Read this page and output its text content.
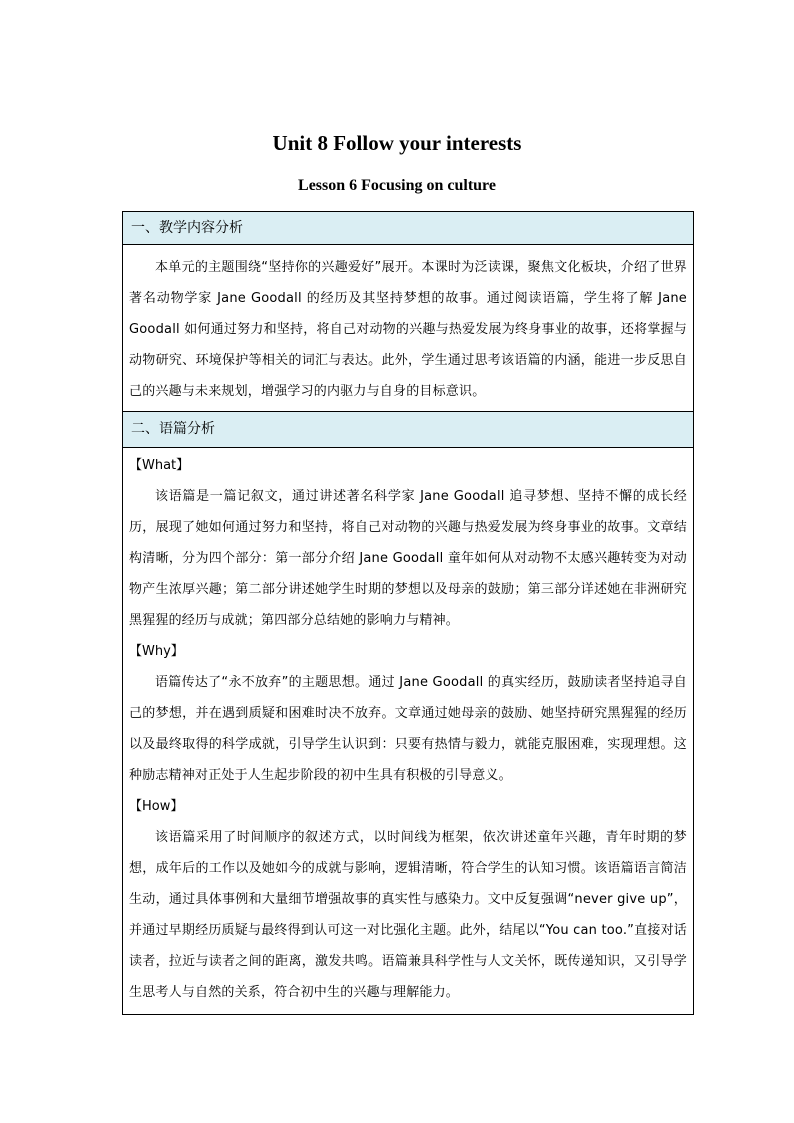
Unit 8 Follow your interests
Lesson 6 Focusing on culture
一、教学内容分析

本单元的主题围绕“坚持你的兴趣爱好”展开。本课时为泛读课，聚焦文化板块，介绍了世界著名动物学家 Jane Goodall 的经历及其坚持梦想的故事。通过阅读语篇，学生将了解 Jane Goodall 如何通过努力和坚持，将自己对动物的兴趣与热爱发展为终身事业的故事，还将掌握与动物研究、环境保护等相关的词汇与表达。此外，学生通过思考该语篇的内涵，能进一步反思自己的兴趣与未来规划，增强学习的内驱力与自身的目标意识。

二、语篇分析

【What】

该语篇是一篇记叙文，通过讲述著名科学家 Jane Goodall 追寻梦想、坚持不懈的成长经历，展现了她如何通过努力和坚持，将自己对动物的兴趣与热爱发展为终身事业的故事。文章结构清晰，分为四个部分：第一部分介绍 Jane Goodall 童年如何从对动物不太感兴趣转变为对动物产生浓厚兴趣；第二部分讲述她学生时期的梦想以及母亲的鼓励；第三部分详述她在非洲研究黑猩猩的经历与成就；第四部分总结她的影响力与精神。

【Why】

语篇传达了“永不放弃”的主题思想。通过 Jane Goodall 的真实经历，鼓励读者坚持追寻自己的梦想，并在遇到质疑和困难时决不放弃。文章通过她母亲的鼓励、她坚持研究黑猩猩的经历以及最终取得的科学成就，引导学生认识到：只要有热情与毅力，就能克服困难，实现理想。这种励志精神对正处于人生起步阶段的初中生具有积极的引导意义。

【How】

该语篇采用了时间顺序的叙述方式，以时间线为框架，依次讲述童年兴趣，青年时期的梦想，成年后的工作以及她如今的成就与影响，逻辑清晰，符合学生的认知习惯。该语篇语言简洁生动，通过具体事例和大量细节增强故事的真实性与感染力。文中反复强调“never give up”，并通过早期经历质疑与最终得到认可这一对比强化主题。此外，结尾以“You can too.”直接对话读者，拉近与读者之间的距离，激发共鸣。语篇兼具科学性与人文关怀，既传递知识，又引导学生思考人与自然的关系，符合初中生的兴趣与理解能力。
